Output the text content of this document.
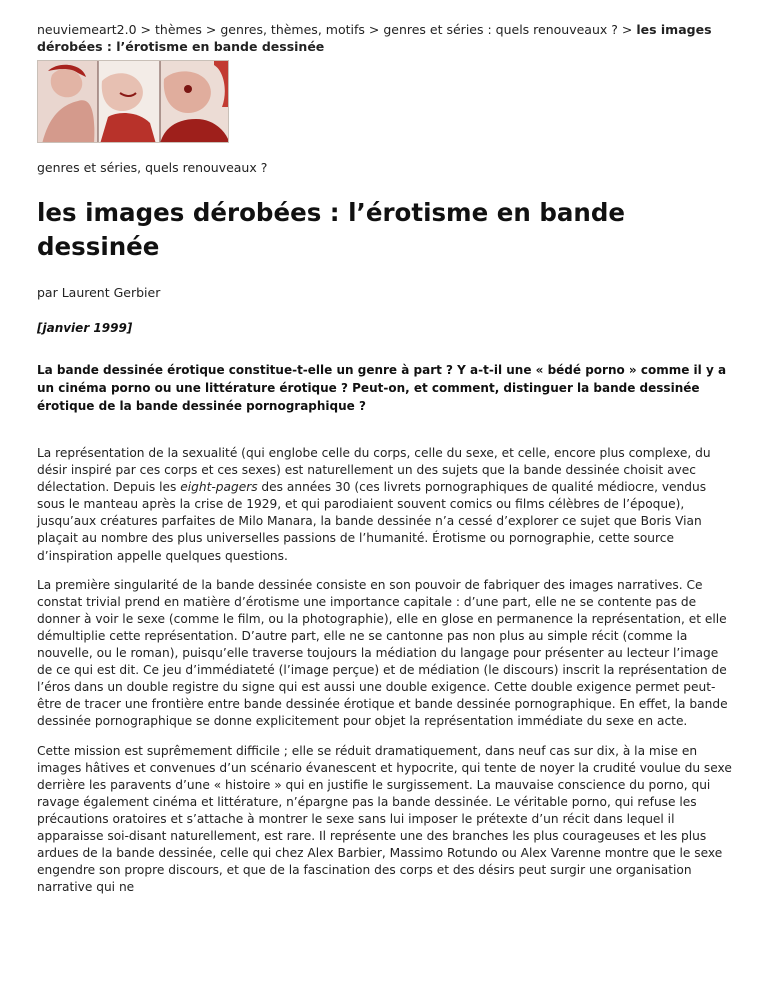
neuviemeart2.0 > thèmes > genres, thèmes, motifs > genres et séries : quels renouveaux ? > les images dérobées : l’érotisme en bande dessinée
genres et séries, quels renouveaux ?
les images dérobées : l’érotisme en bande dessinée
par Laurent Gerbier
[janvier 1999]

La bande dessinée érotique constitue-t-elle un genre à part ? Y a-t-il une « bédé porno » comme il y a un cinéma porno ou une littérature érotique ? Peut-on, et comment, distinguer la bande dessinée érotique de la bande dessinée pornographique ?

La représentation de la sexualité (qui englobe celle du corps, celle du sexe, et celle, encore plus complexe, du désir inspiré par ces corps et ces sexes) est naturellement un des sujets que la bande dessinée choisit avec délectation. Depuis les eight-pagers des années 30 (ces livrets pornographiques de qualité médiocre, vendus sous le manteau après la crise de 1929, et qui parodiaient souvent comics ou films célèbres de l’époque), jusqu’aux créatures parfaites de Milo Manara, la bande dessinée n’a cessé d’explorer ce sujet que Boris Vian plaçait au nombre des plus universelles passions de l’humanité. Érotisme ou pornographie, cette source d’inspiration appelle quelques questions.

La première singularité de la bande dessinée consiste en son pouvoir de fabriquer des images narratives. Ce constat trivial prend en matière d’érotisme une importance capitale : d’une part, elle ne se contente pas de donner à voir le sexe (comme le film, ou la photographie), elle en glose en permanence la représentation, et elle démultiplie cette représentation. D’autre part, elle ne se cantonne pas non plus au simple récit (comme la nouvelle, ou le roman), puisqu’elle traverse toujours la médiation du langage pour présenter au lecteur l’image de ce qui est dit. Ce jeu d’immédiateté (l’image perçue) et de médiation (le discours) inscrit la représentation de l’éros dans un double registre du signe qui est aussi une double exigence. Cette double exigence permet peut-être de tracer une frontière entre bande dessinée érotique et bande dessinée pornographique. En effet, la bande dessinée pornographique se donne explicitement pour objet la représentation immédiate du sexe en acte.

Cette mission est suprêmement difficile ; elle se réduit dramatiquement, dans neuf cas sur dix, à la mise en images hâtives et convenues d’un scénario évanescent et hypocrite, qui tente de noyer la crudité voulue du sexe derrière les paravents d’une « histoire » qui en justifie le surgissement. La mauvaise conscience du porno, qui ravage également cinéma et littérature, n’épargne pas la bande dessinée. Le véritable porno, qui refuse les précautions oratoires et s’attache à montrer le sexe sans lui imposer le prétexte d’un récit dans lequel il apparaisse soi-disant naturellement, est rare. Il représente une des branches les plus courageuses et les plus ardues de la bande dessinée, celle qui chez Alex Barbier, Massimo Rotundo ou Alex Varenne montre que le sexe engendre son propre discours, et que de la fascination des corps et des désirs peut surgir une organisation narrative qui ne
